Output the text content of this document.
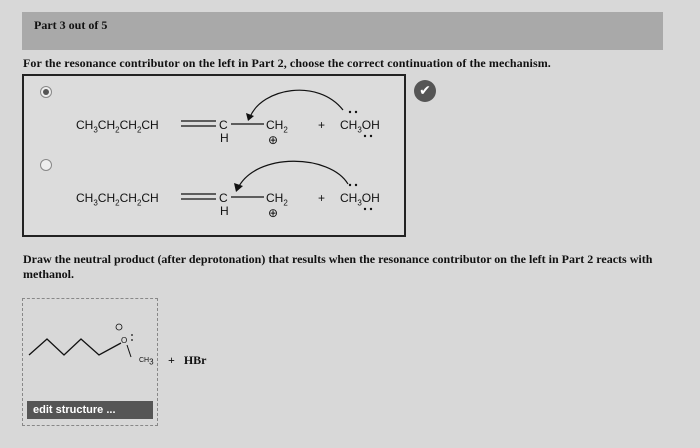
Part 3 out of 5
For the resonance contributor on the left in Part 2, choose the correct continuation of the mechanism.
✔
$CH_3CH_2CH_2CH$	C
H
$CH_2$
⊕
+ $CH_3OH$
$CH_3CH_2CH_2CH$	C
H
$CH_2$
⊕
+ $CH_3OH$
Draw the neutral product (after deprotonation) that results when the resonance contributor on the left in Part 2 reacts with methanol.
O
$CH_3$ + HBr
edit structure ...
